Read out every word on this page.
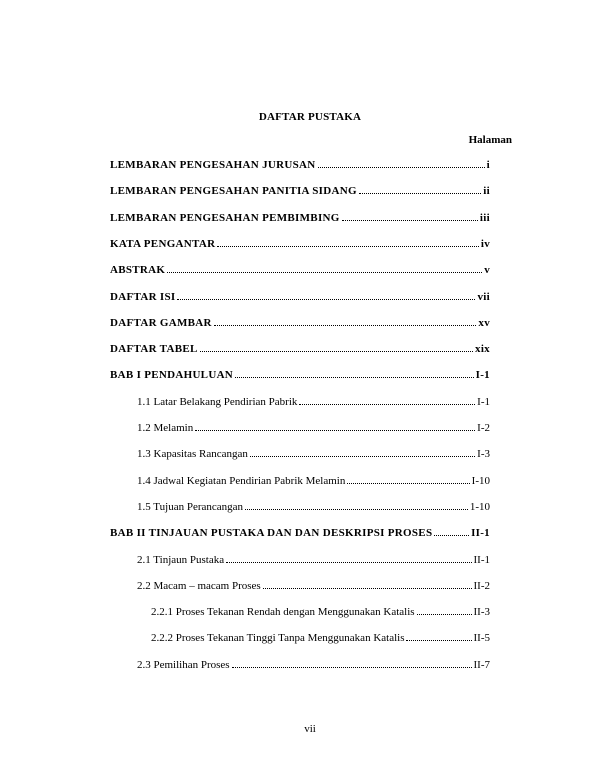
DAFTAR PUSTAKA
Halaman
LEMBARAN PENGESAHAN JURUSAN	i
LEMBARAN PENGESAHAN PANITIA SIDANG	ii
LEMBARAN PENGESAHAN PEMBIMBING	iii
KATA PENGANTAR	iv
ABSTRAK	v
DAFTAR ISI	vii
DAFTAR GAMBAR	xv
DAFTAR TABEL	xix
BAB I PENDAHULUAN	I-1
1.1 Latar Belakang Pendirian Pabrik	I-1
1.2 Melamin	I-2
1.3 Kapasitas Rancangan	I-3
1.4 Jadwal Kegiatan Pendirian Pabrik Melamin	I-10
1.5 Tujuan Perancangan	1-10
BAB II TINJAUAN PUSTAKA DAN DAN DESKRIPSI PROSES	II-1
2.1 Tinjaun Pustaka	II-1
2.2 Macam – macam Proses	II-2
2.2.1 Proses Tekanan Rendah dengan Menggunakan Katalis	II-3
2.2.2 Proses Tekanan Tinggi Tanpa Menggunakan Katalis	II-5
2.3 Pemilihan Proses	II-7
vii
